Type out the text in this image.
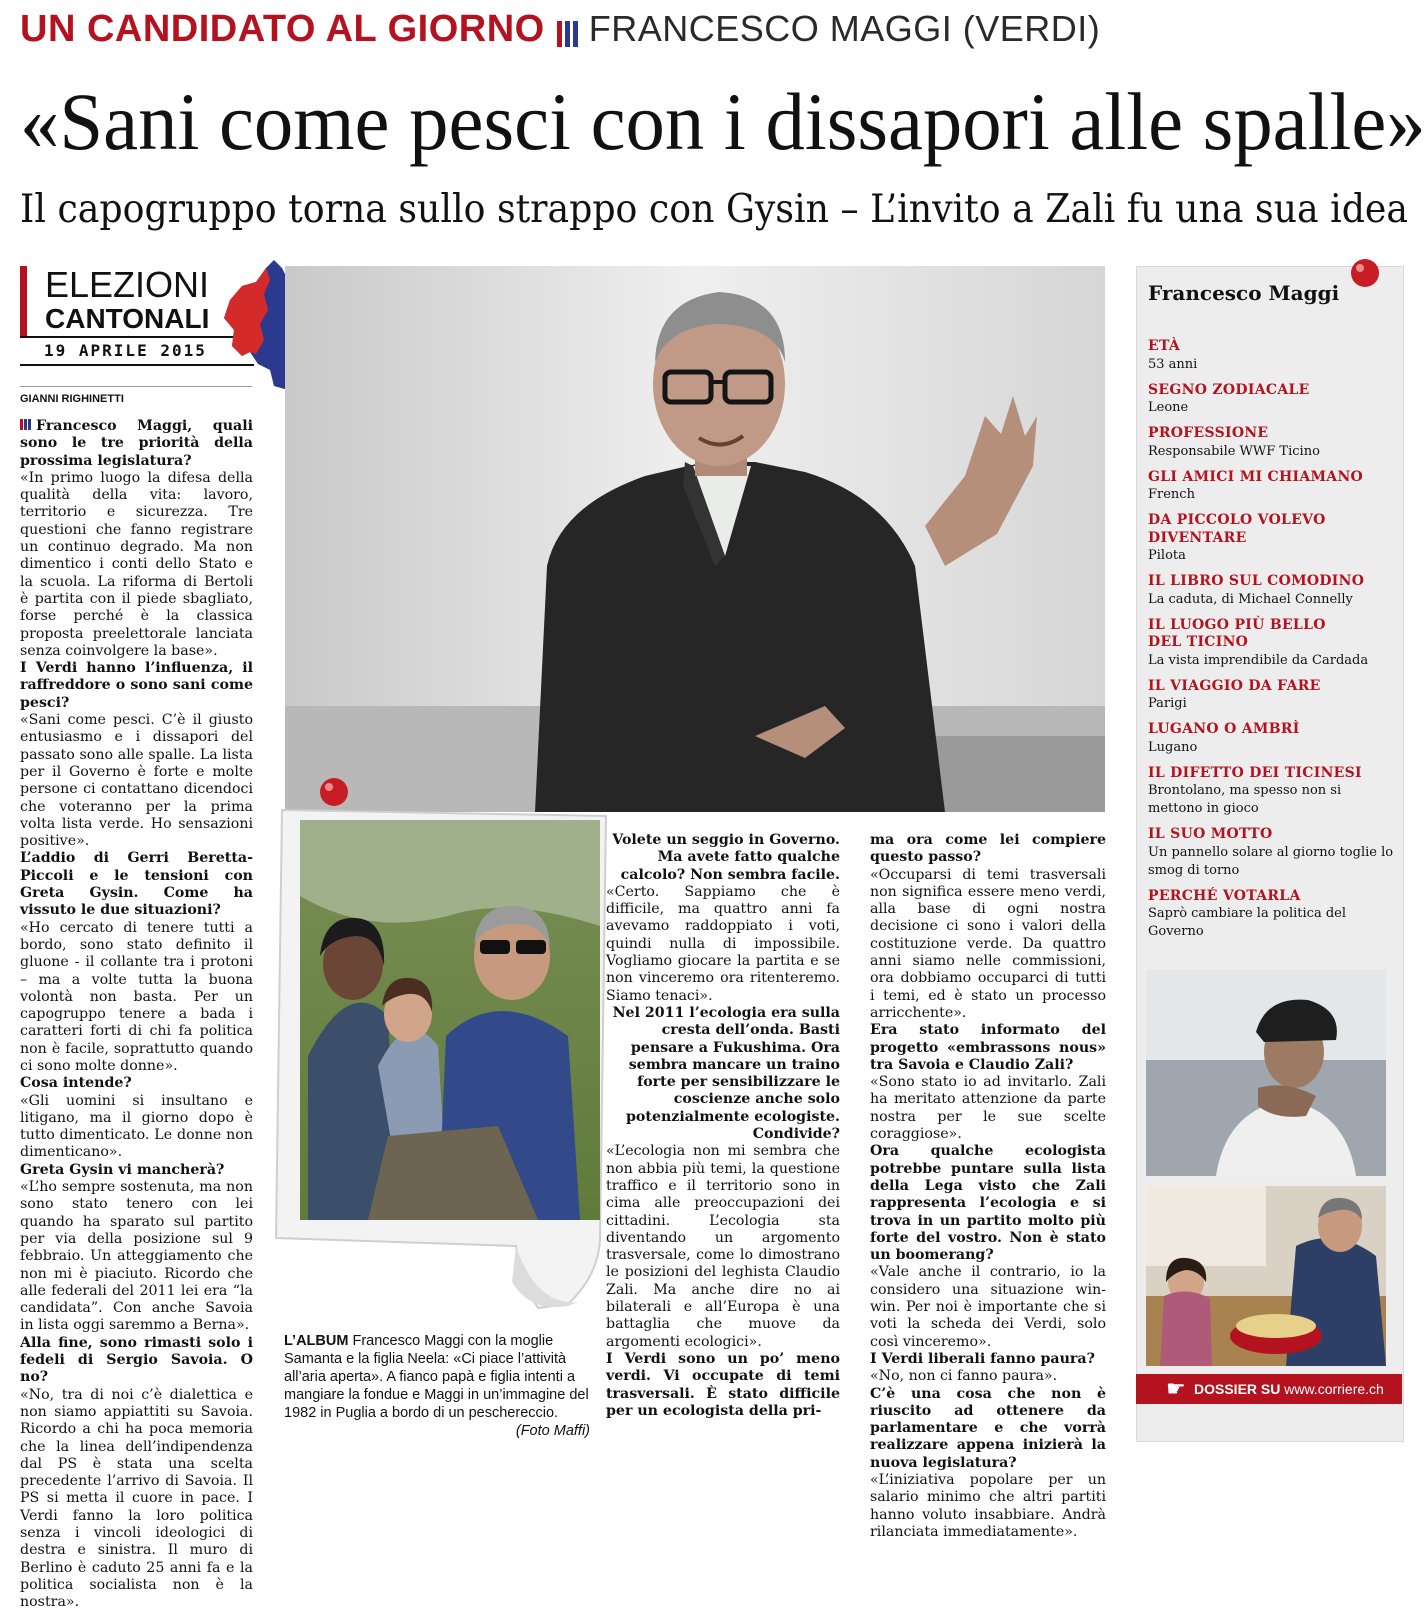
UN CANDIDATO AL GIORNO FRANCESCO MAGGI (VERDI)
«Sani come pesci con i dissapori alle spalle»
Il capogruppo torna sullo strappo con Gysin – L’invito a Zali fu una sua idea
ELEZIONI
CANTONALI
19 APRILE 2015
GIANNI RIGHINETTI

Francesco Maggi, quali sono le tre priorità della prossima legislatura?

«In primo luogo la difesa della qualità della vita: lavoro, territorio e sicurezza. Tre questioni che fanno registrare un continuo degrado. Ma non dimentico i conti dello Stato e la scuola. La riforma di Bertoli è partita con il piede sbagliato, forse perché è la classica proposta preelettorale lanciata senza coinvolgere la base».

I Verdi hanno l’influenza, il raffreddore o sono sani come pesci?

«Sani come pesci. C’è il giusto entusiasmo e i dissapori del passato sono alle spalle. La lista per il Governo è forte e molte persone ci contattano dicendoci che voteranno per la prima volta lista verde. Ho sensazioni positive».

L’addio di Gerri Beretta-Piccoli e le tensioni con Greta Gysin. Come ha vissuto le due situazioni?

«Ho cercato di tenere tutti a bordo, sono stato definito il gluone - il collante tra i protoni – ma a volte tutta la buona volontà non basta. Per un capogruppo tenere a bada i caratteri forti di chi fa politica non è facile, soprattutto quando ci sono molte donne».

Cosa intende?

«Gli uomini si insultano e litigano, ma il giorno dopo è tutto dimenticato. Le donne non dimenticano».

Greta Gysin vi mancherà?

«L’ho sempre sostenuta, ma non sono stato tenero con lei quando ha sparato sul partito per via della posizione sul 9 febbraio. Un atteggiamento che non mi è piaciuto. Ricordo che alle federali del 2011 lei era “la candidata”. Con anche Savoia in lista oggi saremmo a Berna».

Alla fine, sono rimasti solo i fedeli di Sergio Savoia. O no?

«No, tra di noi c’è dialettica e non siamo appiattiti su Savoia. Ricordo a chi ha poca memoria che la linea dell’indipendenza dal PS è stata una scelta precedente l’arrivo di Savoia. Il PS si metta il cuore in pace. I Verdi fanno la loro politica senza i vincoli ideologici di destra e sinistra. Il muro di Berlino è caduto 25 anni fa e la politica socialista non è la nostra».

L’ALBUM Francesco Maggi con la moglie Samanta e la figlia Neela: «Ci piace l’attività all’aria aperta». A fianco papà e figlia intenti a mangiare la fondue e Maggi in un’immagine del 1982 in Puglia a bordo di un peschereccio.
(Foto Maffi)

Volete un seggio in Governo. Ma avete fatto qualche calcolo? Non sembra facile.

«Certo. Sappiamo che è difficile, ma quattro anni fa avevamo raddoppiato i voti, quindi nulla di impossibile. Vogliamo giocare la partita e se non vinceremo ora ritenteremo. Siamo tenaci».

Nel 2011 l’ecologia era sulla cresta dell’onda. Basti pensare a Fukushima. Ora sembra mancare un traino forte per sensibilizzare le coscienze anche solo potenzialmente ecologiste. Condivide?

«L’ecologia non mi sembra che non abbia più temi, la questione traffico e il territorio sono in cima alle preoccupazioni dei cittadini. L’ecologia sta diventando un argomento trasversale, come lo dimostrano le posizioni del leghista Claudio Zali. Ma anche dire no ai bilaterali e all’Europa è una battaglia che muove da argomenti ecologici».

I Verdi sono un po’ meno verdi. Vi occupate di temi trasversali. È stato difficile per un ecologista della pri-

ma ora come lei compiere questo passo?

«Occuparsi di temi trasversali non significa essere meno verdi, alla base di ogni nostra decisione ci sono i valori della costituzione verde. Da quattro anni siamo nelle commissioni, ora dobbiamo occuparci di tutti i temi, ed è stato un processo arricchente».

Era stato informato del progetto «embrassons nous» tra Savoia e Claudio Zali?

«Sono stato io ad invitarlo. Zali ha meritato attenzione da parte nostra per le sue scelte coraggiose».

Ora qualche ecologista potrebbe puntare sulla lista della Lega visto che Zali rappresenta l’ecologia e si trova in un partito molto più forte del vostro. Non è stato un boomerang?

«Vale anche il contrario, io la considero una situazione win-win. Per noi è importante che si voti la scheda dei Verdi, solo così vinceremo».

I Verdi liberali fanno paura?

«No, non ci fanno paura».

C’è una cosa che non è riuscito ad ottenere da parlamentare e che vorrà realizzare appena inizierà la nuova legislatura?

«L’iniziativa popolare per un salario minimo che altri partiti hanno voluto insabbiare. Andrà rilanciata immediatamente».

Francesco Maggi
ETÀ
53 anni
SEGNO ZODIACALE
Leone
PROFESSIONE
Responsabile WWF Ticino
GLI AMICI MI CHIAMANO
French
DA PICCOLO VOLEVO DIVENTARE
Pilota
IL LIBRO SUL COMODINO
La caduta, di Michael Connelly
IL LUOGO PIÙ BELLO DEL TICINO
La vista imprendibile da Cardada
IL VIAGGIO DA FARE
Parigi
LUGANO O AMBRÌ
Lugano
IL DIFETTO DEI TICINESI
Brontolano, ma spesso non si mettono in gioco
IL SUO MOTTO
Un pannello solare al giorno toglie lo smog di torno
PERCHÉ VOTARLA
Saprò cambiare la politica del Governo
☛ DOSSIER SU www.corriere.ch
